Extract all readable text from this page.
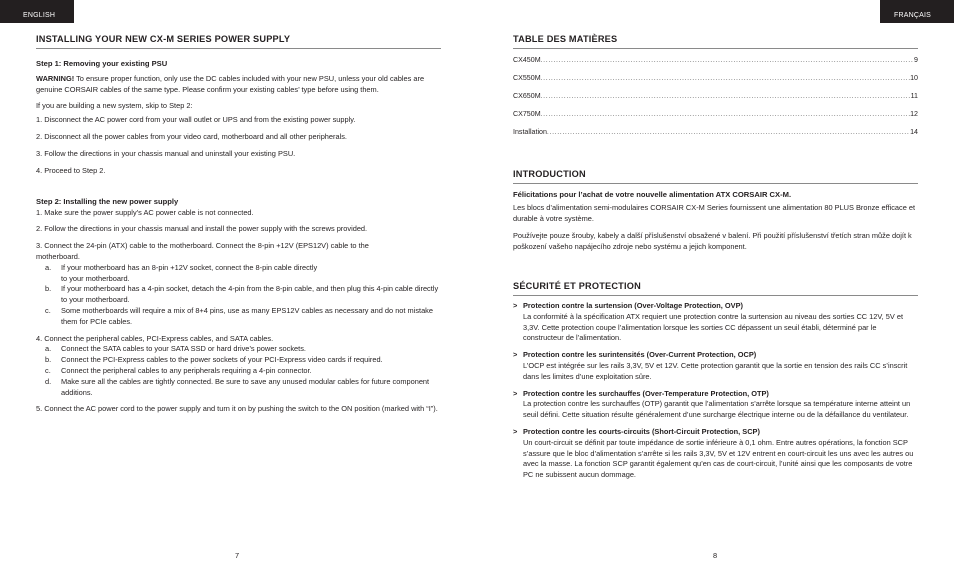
ENGLISH	FRANÇAIS
INSTALLING YOUR NEW CX-M SERIES POWER SUPPLY
Step 1: Removing your existing PSU

WARNING! To ensure proper function, only use the DC cables included with your new PSU, unless your old cables are genuine CORSAIR cables of the same type. Please confirm your existing cables’ type before using them.

If you are building a new system, skip to Step 2:

1. Disconnect the AC power cord from your wall outlet or UPS and from the existing power supply.

2. Disconnect all the power cables from your video card, motherboard and all other peripherals.

3. Follow the directions in your chassis manual and uninstall your existing PSU.

4. Proceed to Step 2.

Step 2: Installing the new power supply

1. Make sure the power supply’s AC power cable is not connected.

2. Follow the directions in your chassis manual and install the power supply with the screws provided.

3. Connect the 24-pin (ATX) cable to the motherboard. Connect the 8-pin +12V (EPS12V) cable to the motherboard.

a.	If your motherboard has an 8-pin +12V socket, connect the 8-pin cable directly to your motherboard.
b.	If your motherboard has a 4-pin socket, detach the 4-pin from the 8-pin cable, and then plug this 4-pin cable directly to your motherboard.
c.	Some motherboards will require a mix of 8+4 pins, use as many EPS12V cables as necessary and do not mistake them for PCIe cables.

4. Connect the peripheral cables, PCI-Express cables, and SATA cables.

a.	Connect the SATA cables to your SATA SSD or hard drive’s power sockets.
b.	Connect the PCI-Express cables to the power sockets of your PCI-Express video cards if required.
c.	Connect the peripheral cables to any peripherals requiring a 4-pin connector.
d.	Make sure all the cables are tightly connected. Be sure to save any unused modular cables for future component additions.

5. Connect the AC power cord to the power supply and turn it on by pushing the switch to the ON position (marked with “I”).

7
TABLE DES MATIÈRES
CX450M .....	9
CX550M .....	10
CX650M .....	11
CX750M .....	12
Installation .....	14
INTRODUCTION

Félicitations pour l’achat de votre nouvelle alimentation ATX CORSAIR CX-M.

Les blocs d’alimentation semi-modulaires CORSAIR CX-M Series fournissent une alimentation 80 PLUS Bronze efficace et durable à votre système.

Používejte pouze šrouby, kabely a další příslušenství obsažené v balení. Při použití příslušenství třetích stran může dojít k poškození vašeho napájecího zdroje nebo systému a jejich komponent.

SÉCURITÉ ET PROTECTION
> Protection contre la surtension (Over-Voltage Protection, OVP)
La conformité à la spécification ATX requiert une protection contre la surtension au niveau des sorties CC 12V, 5V et 3,3V. Cette protection coupe l’alimentation lorsque les sorties CC dépassent un seuil établi, déterminé par le constructeur de l’alimentation.
> Protection contre les surintensités (Over-Current Protection, OCP)
L’OCP est intégrée sur les rails 3,3V, 5V et 12V. Cette protection garantit que la sortie en tension des rails CC s’inscrit dans les limites d’une exploitation sûre.
> Protection contre les surchauffes (Over-Temperature Protection, OTP)
La protection contre les surchauffes (OTP) garantit que l’alimentation s’arrête lorsque sa température interne atteint un seuil défini. Cette situation résulte généralement d’une surcharge électrique interne ou de la défaillance du ventilateur.
> Protection contre les courts-circuits (Short-Circuit Protection, SCP)
Un court-circuit se définit par toute impédance de sortie inférieure à 0,1 ohm. Entre autres opérations, la fonction SCP s’assure que le bloc d’alimentation s’arrête si les rails 3,3V, 5V et 12V entrent en court-circuit les uns avec les autres ou avec la masse. La fonction SCP garantit également qu’en cas de court-circuit, l’unité ainsi que les composants de votre PC ne subissent aucun dommage.
8
